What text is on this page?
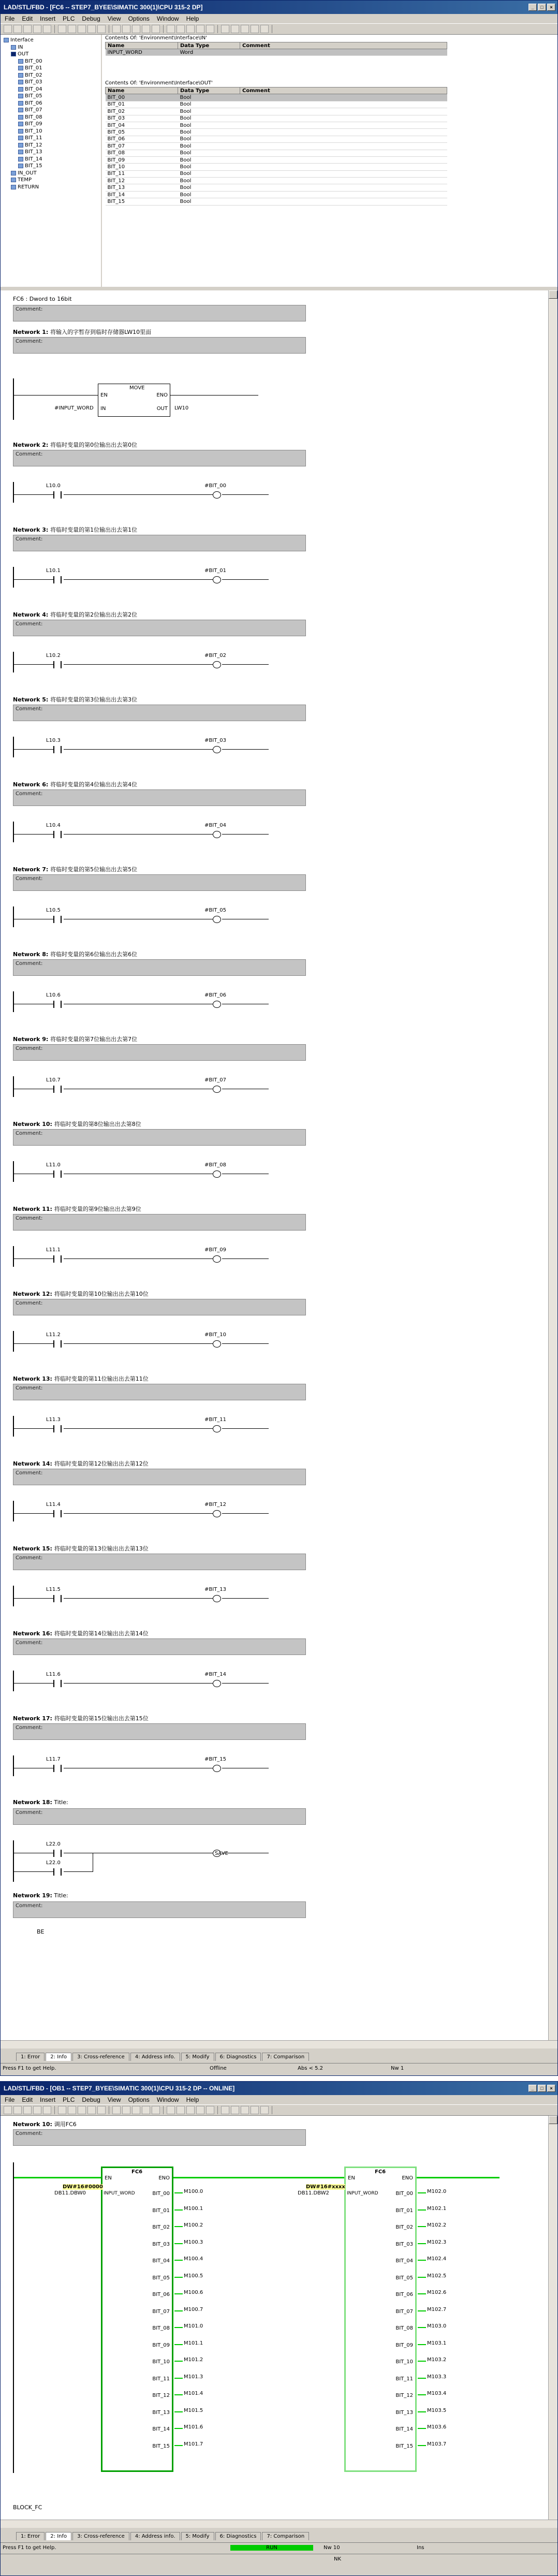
LAD/STL/FBD - [FC6 -- STEP7_BYEE\SIMATIC 300(1)\CPU 315-2 DP]	_	□	×
File Edit Insert PLC Debug View Options Window Help
Interface
IN
OUT
BIT_00
BIT_01
BIT_02
BIT_03
BIT_04
BIT_05
BIT_06
BIT_07
BIT_08
BIT_09
BIT_10
BIT_11
BIT_12
BIT_13
BIT_14
BIT_15
IN_OUT
TEMP
RETURN
Contents Of: 'Environment\Interface\IN'
Name	Data Type	Comment
INPUT_WORD	Word	
Contents Of: 'Environment\Interface\OUT'
Name	Data Type	Comment
BIT_00	Bool	
BIT_01	Bool	
BIT_02	Bool	
BIT_03	Bool	
BIT_04	Bool	
BIT_05	Bool	
BIT_06	Bool	
BIT_07	Bool	
BIT_08	Bool	
BIT_09	Bool	
BIT_10	Bool	
BIT_11	Bool	
BIT_12	Bool	
BIT_13	Bool	
BIT_14	Bool	
BIT_15	Bool	
FC6 : Dword to 16bit
Comment:
Network 1: 将输入的字暂存到临时存储器LW10里面
Comment:
MOVE
EN	ENO
IN	OUT
#INPUT_WORD	LW10
Network 2: 将临时变量的第0位输出出去第0位
Comment:
L10.0	#BIT_00
Network 3: 将临时变量的第1位输出出去第1位
Comment:
L10.1	#BIT_01
Network 4: 将临时变量的第2位输出出去第2位
Comment:
L10.2	#BIT_02
Network 5: 将临时变量的第3位输出出去第3位
Comment:
L10.3	#BIT_03
Network 6: 将临时变量的第4位输出出去第4位
Comment:
L10.4	#BIT_04
Network 7: 将临时变量的第5位输出出去第5位
Comment:
L10.5	#BIT_05
Network 8: 将临时变量的第6位输出出去第6位
Comment:
L10.6	#BIT_06
Network 9: 将临时变量的第7位输出出去第7位
Comment:
L10.7	#BIT_07
Network 10: 将临时变量的第8位输出出去第8位
Comment:
L11.0	#BIT_08
Network 11: 将临时变量的第9位输出出去第9位
Comment:
L11.1	#BIT_09
Network 12: 将临时变量的第10位输出出去第10位
Comment:
L11.2	#BIT_10
Network 13: 将临时变量的第11位输出出去第11位
Comment:
L11.3	#BIT_11
Network 14: 将临时变量的第12位输出出去第12位
Comment:
L11.4	#BIT_12
Network 15: 将临时变量的第13位输出出去第13位
Comment:
L11.5	#BIT_13
Network 16: 将临时变量的第14位输出出去第14位
Comment:
L11.6	#BIT_14
Network 17: 将临时变量的第15位输出出去第15位
Comment:
L11.7	#BIT_15
Network 18: Title:
Comment:
L22.0
L22.0
SAVE
Network 19: Title:
Comment:
BE
1: Error	2: Info	3: Cross-reference	4: Address info.	5: Modify	6: Diagnostics	7: Comparison
Press F1 to get Help.	Offline	Abs < 5.2	Nw 1
LAD/STL/FBD - [OB1 -- STEP7_BYEE\SIMATIC 300(1)\CPU 315-2 DP -- ONLINE]	_	□	×
File Edit Insert PLC Debug View Options Window Help
Network 10: 调用FC6
Comment:
FC6
EN	ENO
INPUT_WORD	BIT_00
BIT_01
BIT_02
BIT_03
BIT_04
BIT_05
BIT_06
BIT_07
BIT_08
BIT_09
BIT_10
BIT_11
BIT_12
BIT_13
BIT_14
BIT_15
DW#16#0000
DB11.DBW0	M100.0
M100.1
M100.2
M100.3
M100.4
M100.5
M100.6
M100.7
M101.0
M101.1
M101.2
M101.3
M101.4
M101.5
M101.6
M101.7
FC6
EN	ENO
INPUT_WORD	BIT_00
BIT_01
BIT_02
BIT_03
BIT_04
BIT_05
BIT_06
BIT_07
BIT_08
BIT_09
BIT_10
BIT_11
BIT_12
BIT_13
BIT_14
BIT_15
DW#16#xxxx
DB11.DBW2	M102.0
M102.1
M102.2
M102.3
M102.4
M102.5
M102.6
M102.7
M103.0
M103.1
M103.2
M103.3
M103.4
M103.5
M103.6
M103.7
BLOCK_FC
1: Error	2: Info	3: Cross-reference	4: Address info.	5: Modify	6: Diagnostics	7: Comparison
Press F1 to get Help.	RUN	Nw 10	Ins
NK
